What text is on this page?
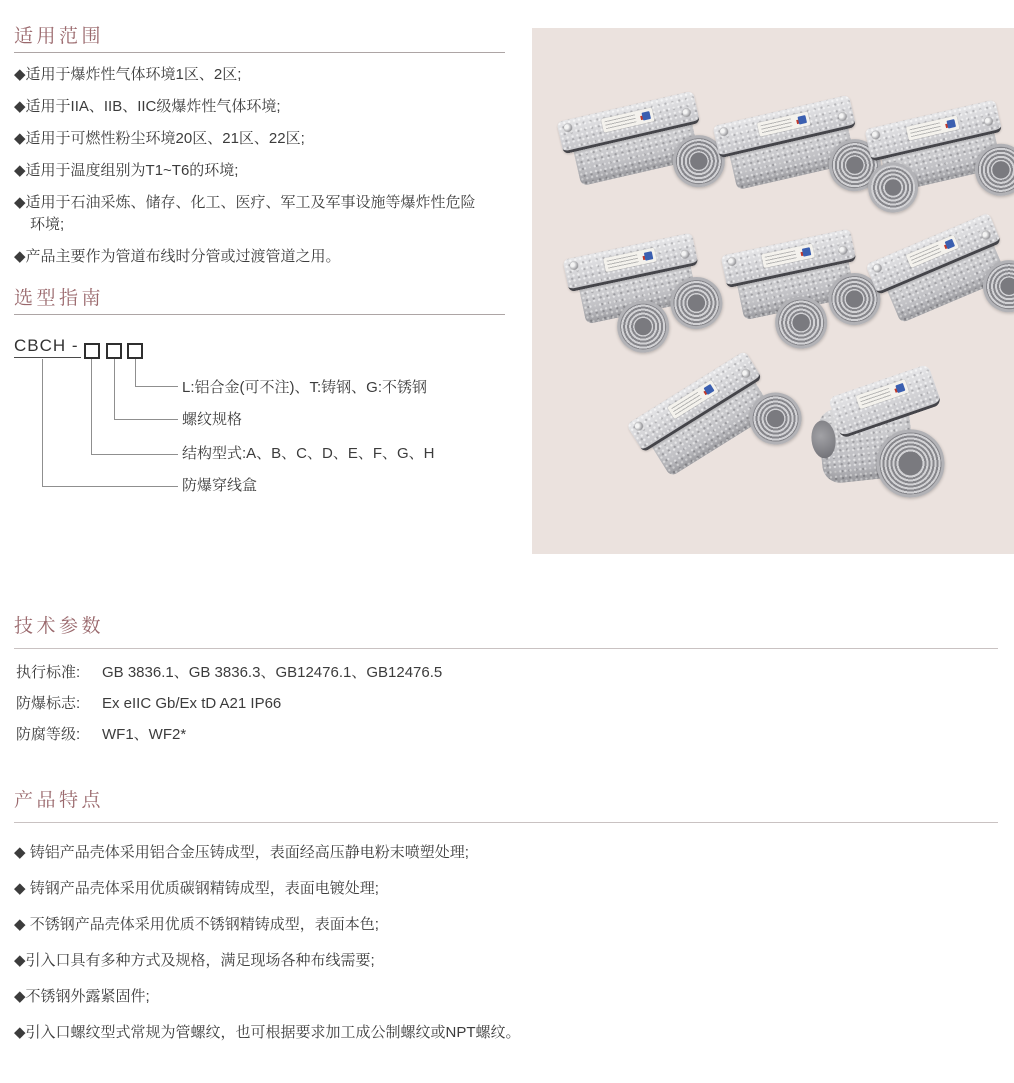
适用范围
◆适用于爆炸性气体环境1区、2区;
◆适用于IIA、IIB、IIC级爆炸性气体环境;
◆适用于可燃性粉尘环境20区、21区、22区;
◆适用于温度组别为T1~T6的环境;
◆适用于石油采炼、储存、化工、医疗、军工及军事设施等爆炸性危险环境;
◆产品主要作为管道布线时分管或过渡管道之用。
选型指南
CBCH -
L:铝合金(可不注)、T:铸钢、G:不锈钢
螺纹规格
结构型式:A、B、C、D、E、F、G、H
防爆穿线盒
技术参数
执行标准:	GB 3836.1、GB 3836.3、GB12476.1、GB12476.5
防爆标志:	Ex eIIC Gb/Ex tD A21 IP66
防腐等级:	WF1、WF2*
产品特点
◆ 铸铝产品壳体采用铝合金压铸成型，表面经高压静电粉末喷塑处理;
◆ 铸钢产品壳体采用优质碳钢精铸成型，表面电镀处理;
◆ 不锈钢产品壳体采用优质不锈钢精铸成型，表面本色;
◆引入口具有多种方式及规格，满足现场各种布线需要;
◆不锈钢外露紧固件;
◆引入口螺纹型式常规为管螺纹，也可根据要求加工成公制螺纹或NPT螺纹。
